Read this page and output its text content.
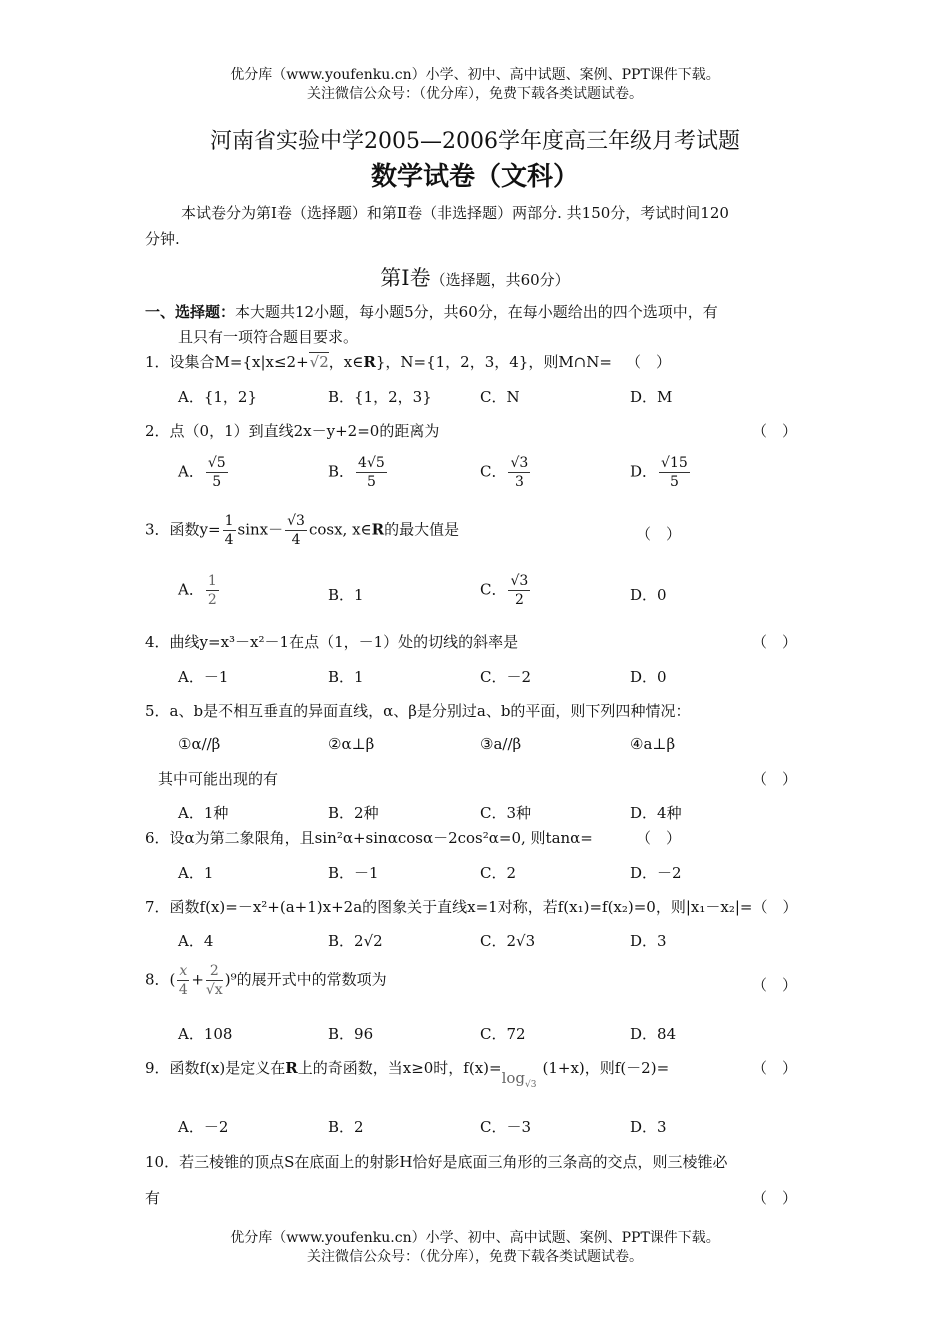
优分库（www.youfenku.cn）小学、初中、高中试题、案例、PPT课件下载。
关注微信公众号：（优分库），免费下载各类试题试卷。
河南省实验中学2005—2006学年度高三年级月考试题
数学试卷（文科）
本试卷分为第Ⅰ卷（选择题）和第Ⅱ卷（非选择题）两部分. 共150分，考试时间120
分钟.
第Ⅰ卷（选择题，共60分）
一、选择题：本大题共12小题，每小题5分，共60分，在每小题给出的四个选项中，有
且只有一项符合题目要求。
1．设集合M={x|x≤2+√2，x∈R}，N={1，2，3，4}，则M∩N= （　）
A．{1，2}	B．{1，2，3}	C．N	D．M
2．点（0，1）到直线2x－y+2=0的距离为	（　）
A． $\frac{√5}{5}$	B． $\frac{4√5}{5}$	C． $\frac{√3}{3}$	D． $\frac{√15}{5}$
3．函数$y= \frac{1}{4} \sin x- \frac{√3}{4} \cos x$, x∈R的最大值是	（　）
A． $\frac{1}{2}$	B．1	C． $\frac{√3}{2}$	D．0
4．曲线y=x³－x²－1在点（1，－1）处的切线的斜率是	（　）
A．－1	B．1	C．－2	D．0
5．a、b是不相互垂直的异面直线，α、β是分别过a、b的平面，则下列四种情况：
①α//β	②α⊥β	③a//β	④a⊥β
其中可能出现的有	（　）
A．1种	B．2种	C．3种	D．4种
6．设α为第二象限角，且sin²α+sinαcosα－2cos²α=0, 则tanα=	（　）
A．1	B．－1	C．2	D．－2
7．函数f(x)=－x²+(a+1)x+2a的图象关于直线x=1对称，若f(x₁)=f(x₂)=0，则|x₁－x₂|=（　）
A．4	B．2√2	C．2√3	D．3
8．( $\frac{x}{4} + \frac{2}{√x} )^9$的展开式中的常数项为	（　）
A．108	B．96	C．72	D．84
9．函数f(x)是定义在R上的奇函数，当x≥0时，$f(x)=\log_{√3}(1+x)$，则f(－2)=	（　）
A．－2	B．2	C．－3	D．3
10．若三棱锥的顶点S在底面上的射影H恰好是底面三角形的三条高的交点，则三棱锥必
有	（　）
优分库（www.youfenku.cn）小学、初中、高中试题、案例、PPT课件下载。
关注微信公众号：（优分库），免费下载各类试题试卷。
